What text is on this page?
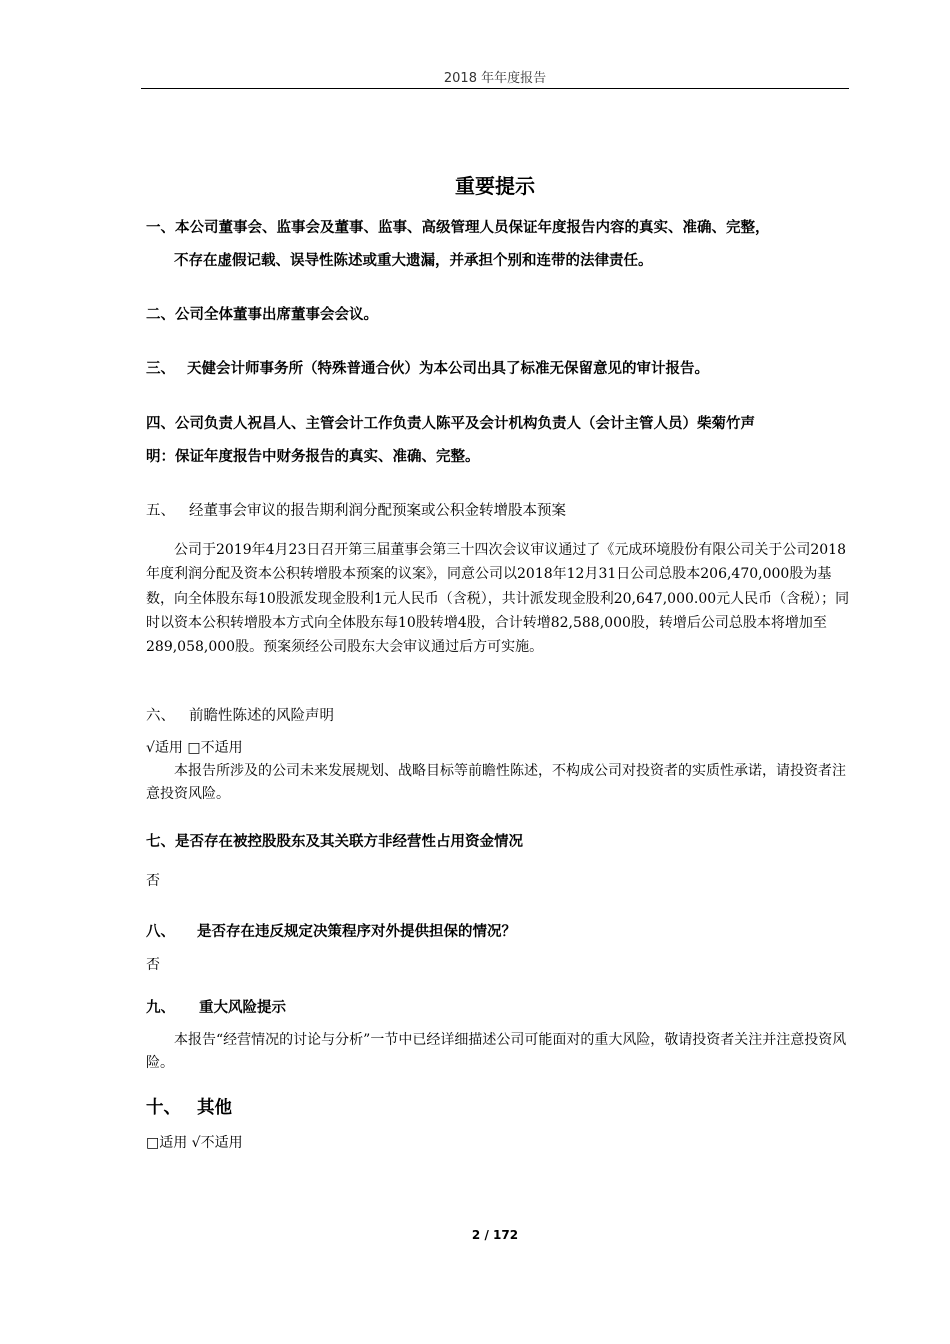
2018 年年度报告
重要提示
一、本公司董事会、监事会及董事、监事、高级管理人员保证年度报告内容的真实、准确、完整，
不存在虚假记载、误导性陈述或重大遗漏，并承担个别和连带的法律责任。
二、公司全体董事出席董事会会议。
三、 天健会计师事务所（特殊普通合伙）为本公司出具了标准无保留意见的审计报告。
四、公司负责人祝昌人、主管会计工作负责人陈平及会计机构负责人（会计主管人员）柴菊竹声
明：保证年度报告中财务报告的真实、准确、完整。
五、 经董事会审议的报告期利润分配预案或公积金转增股本预案
公司于2019年4月23日召开第三届董事会第三十四次会议审议通过了《元成环境股份有限公司关于公司2018年度利润分配及资本公积转增股本预案的议案》，同意公司以2018年12月31日公司总股本206,470,000股为基数，向全体股东每10股派发现金股利1元人民币（含税），共计派发现金股利20,647,000.00元人民币（含税）；同时以资本公积转增股本方式向全体股东每10股转增4股，合计转增82,588,000股，转增后公司总股本将增加至289,058,000股。预案须经公司股东大会审议通过后方可实施。
六、 前瞻性陈述的风险声明
√适用 □不适用
本报告所涉及的公司未来发展规划、战略目标等前瞻性陈述，不构成公司对投资者的实质性承诺，请投资者注意投资风险。
七、是否存在被控股股东及其关联方非经营性占用资金情况
否
八、 是否存在违反规定决策程序对外提供担保的情况？
否
九、 重大风险提示
本报告“经营情况的讨论与分析”一节中已经详细描述公司可能面对的重大风险，敬请投资者关注并注意投资风险。
十、 其他
□适用 √不适用
2 / 172
